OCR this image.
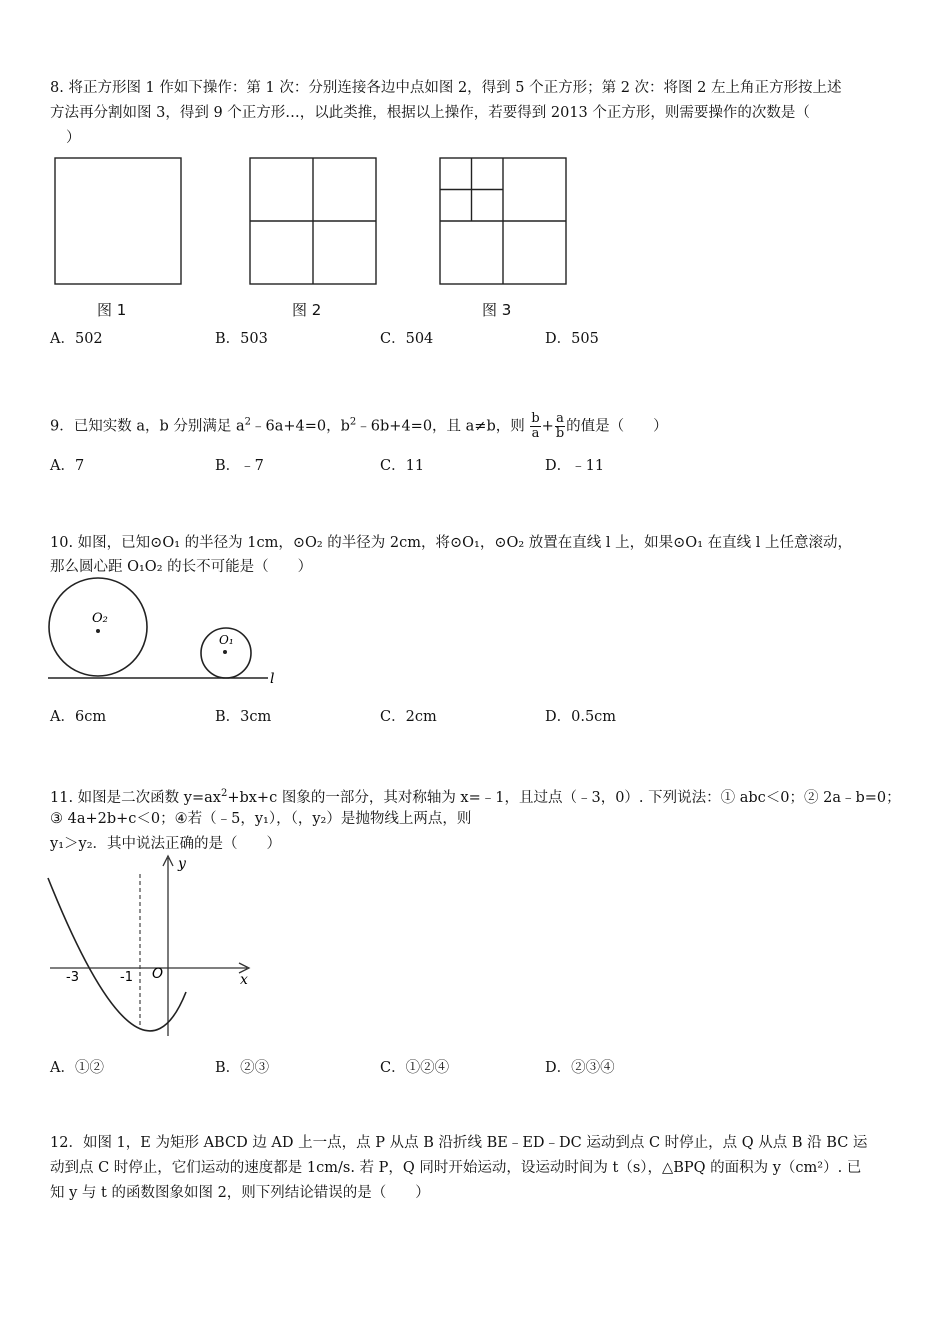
8. 将正方形图 1 作如下操作：第 1 次：分别连接各边中点如图 2，得到 5 个正方形；第 2 次：将图 2 左上角正方形按上述
方法再分割如图 3，得到 9 个正方形…，以此类推，根据以上操作，若要得到 2013 个正方形，则需要操作的次数是（
）
图 1	图 2	图 3
A．502	B．503	C．504	D．505
9．已知实数 a，b 分别满足 $a^2﹣6a+4=0$，$b^2﹣6b+4=0$，且 a≠b，则 $\frac{b}{a} + \frac{a}{b}$ 的值是（　　）
A．7	B．﹣7	C．11	D．﹣11
10. 如图，已知⊙O₁ 的半径为 1cm，⊙O₂ 的半径为 2cm，将⊙O₁，⊙O₂ 放置在直线 l 上，如果⊙O₁ 在直线 l 上任意滚动，
那么圆心距 O₁O₂ 的长不可能是（　　）
O₂
O₁
l
A．6cm	B．3cm	C．2cm	D．0.5cm
11. 如图是二次函数 $y=ax^2+bx+c$ 图象的一部分，其对称轴为 x=﹣1，且过点（﹣3，0）. 下列说法：① abc＜0；② 2a﹣b=0；
③ 4a+2b+c＜0；④若（﹣5，y₁），（，y₂）是抛物线上两点，则
y₁＞y₂．其中说法正确的是（　　）
y
x
O
-3	-1
A．①②	B．②③	C．①②④	D．②③④
12．如图 1，E 为矩形 ABCD 边 AD 上一点，点 P 从点 B 沿折线 BE﹣ED﹣DC 运动到点 C 时停止，点 Q 从点 B 沿 BC 运
动到点 C 时停止，它们运动的速度都是 1cm/s. 若 P，Q 同时开始运动，设运动时间为 t（s），△BPQ 的面积为 y（cm²）. 已
知 y 与 t 的函数图象如图 2，则下列结论错误的是（　　）
